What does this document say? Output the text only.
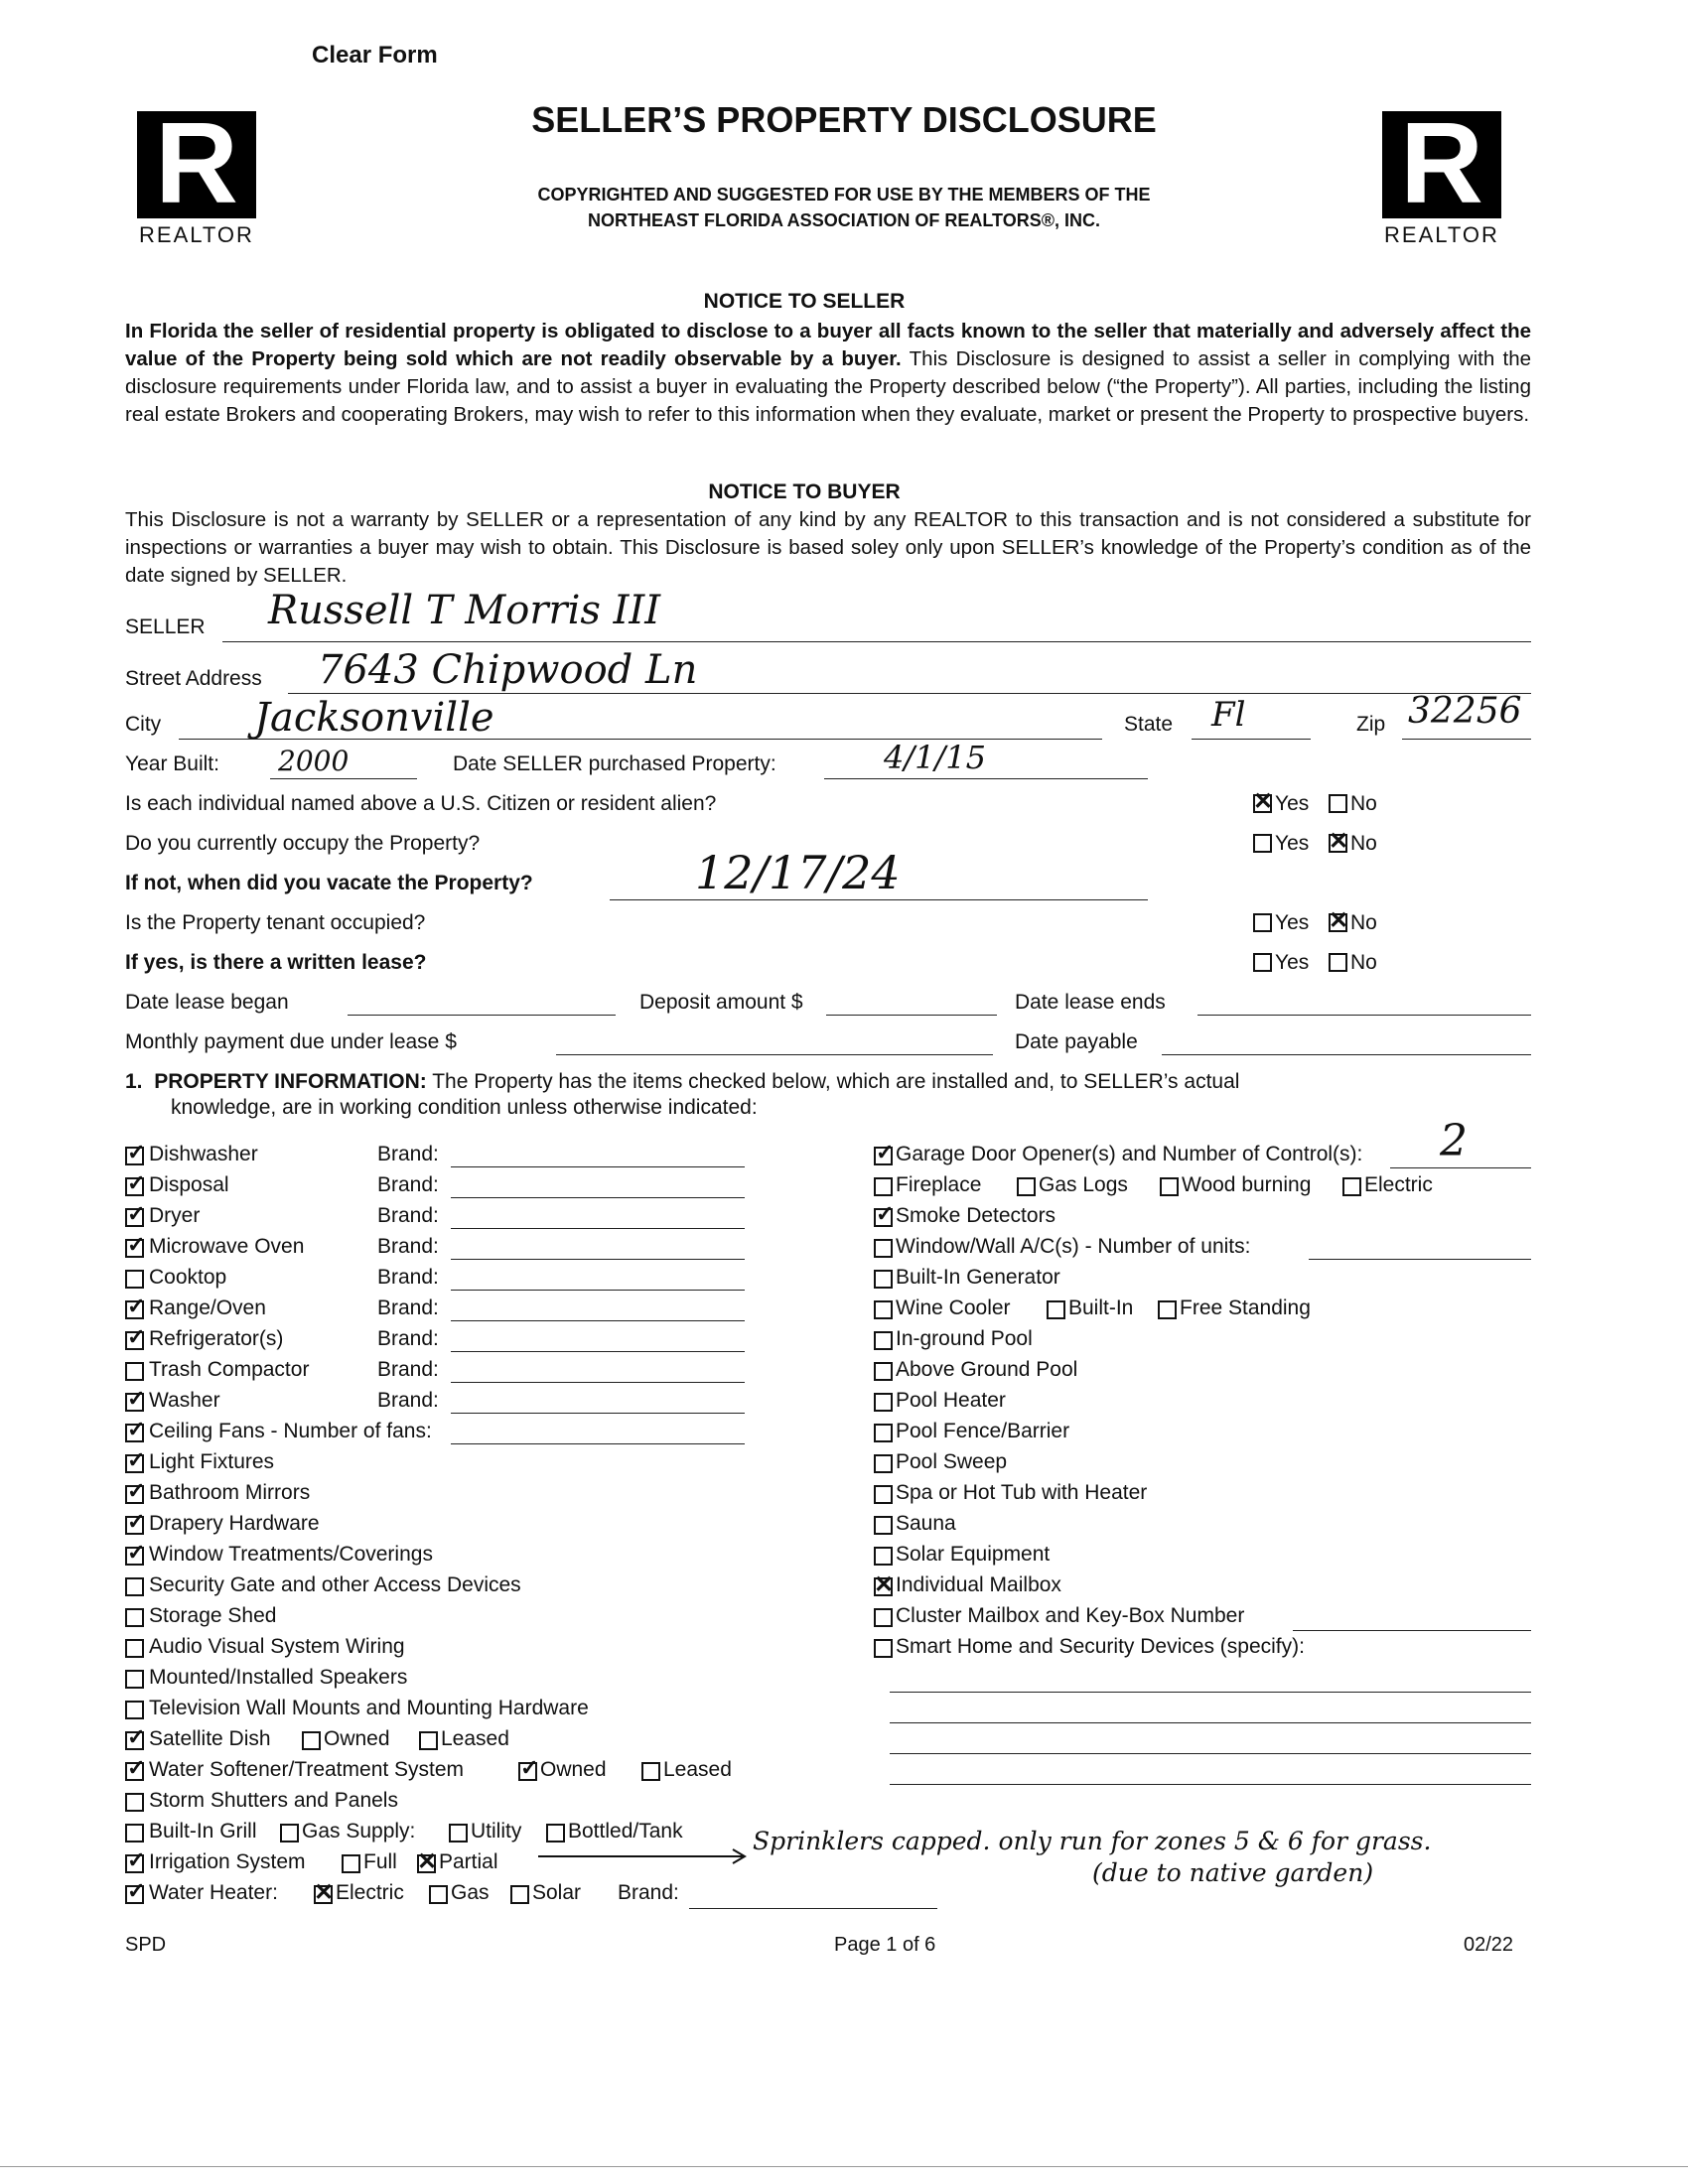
Clear Form
R
REALTOR
R
REALTOR
SELLER’S PROPERTY DISCLOSURE
COPYRIGHTED AND SUGGESTED FOR USE BY THE MEMBERS OF THE
NORTHEAST FLORIDA ASSOCIATION OF REALTORS®, INC.
NOTICE TO SELLER
In Florida the seller of residential property is obligated to disclose to a buyer all facts known to the seller that materially and adversely affect the value of the Property being sold which are not readily observable by a buyer. This Disclosure is designed to assist a seller in complying with the disclosure requirements under Florida law, and to assist a buyer in evaluating the Property described below (“the Property”). All parties, including the listing real estate Brokers and cooperating Brokers, may wish to refer to this information when they evaluate, market or present the Property to prospective buyers.
NOTICE TO BUYER
This Disclosure is not a warranty by SELLER or a representation of any kind by any REALTOR to this transaction and is not considered a substitute for inspections or warranties a buyer may wish to obtain. This Disclosure is based soley only upon SELLER’s knowledge of the Property’s condition as of the date signed by SELLER.
SELLER Russell T Morris III
Street Address 7643 Chipwood Ln
City Jacksonville	State Fl	Zip 32256
Year Built: 2000	Date SELLER purchased Property:	4/1/15
Is each individual named above a U.S. Citizen or resident alien? ✕	Yes No
Do you currently occupy the Property?	Yes ✕ No
If not, when did you vacate the Property?	12/17/24
Is the Property tenant occupied?	Yes ✕ No
If yes, is there a written lease?	Yes No
Date lease began	Deposit amount $	Date lease ends
Monthly payment due under lease $	Date payable
1. PROPERTY INFORMATION: The Property has the items checked below, which are installed and, to SELLER’s actual
knowledge, are in working condition unless otherwise indicated:
✓
Dishwasher	Brand:
✓
Disposal	Brand:
✓
Dryer	Brand:
✓
Microwave Oven	Brand:
Cooktop	Brand:
✓
Range/Oven	Brand:
✓
Refrigerator(s)	Brand:
Trash Compactor	Brand:
✓
Washer	Brand:
✓
Ceiling Fans - Number of fans:
✓
Light Fixtures
✓
Bathroom Mirrors
✓
Drapery Hardware
✓
Window Treatments/Coverings
Security Gate and other Access Devices
Storage Shed
Audio Visual System Wiring
Mounted/Installed Speakers
Television Wall Mounts and Mounting Hardware
✓
Satellite Dish	Owned Leased
✓
Water Softener/Treatment System ✓	Owned	Leased
Storm Shutters and Panels
Built-In Grill Gas Supply:	Utility Bottled/Tank
✓
Irrigation System	Full ✕ Partial
✓
Water Heater: ✕	Electric Gas Solar Brand:
Sprinklers capped. only run for zones 5 & 6 for grass.
(due to native garden)
✓
Garage Door Opener(s) and Number of Control(s): 2
Fireplace	Gas Logs	Wood burning	Electric
✓
Smoke Detectors
Window/Wall A/C(s) - Number of units:
Built-In Generator
Wine Cooler	Built-In Free Standing
In-ground Pool
Above Ground Pool
Pool Heater
Pool Fence/Barrier
Pool Sweep
Spa or Hot Tub with Heater
Sauna
Solar Equipment
✕
Individual Mailbox
Cluster Mailbox and Key-Box Number
Smart Home and Security Devices (specify):
SPD	Page 1 of 6	02/22
